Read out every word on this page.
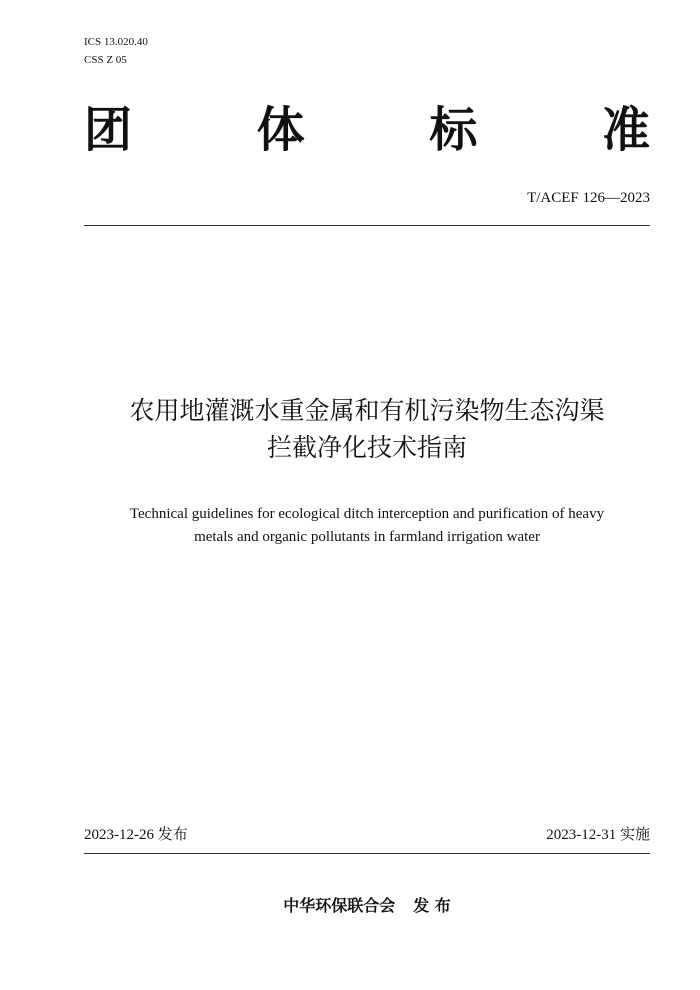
ICS 13.020.40
CSS Z 05
团	体	标	准
T/ACEF 126—2023
农用地灌溉水重金属和有机污染物生态沟渠
拦截净化技术指南
Technical guidelines for ecological ditch interception and purification of heavy
metals and organic pollutants in farmland irrigation water
2023-12-26 发布	2023-12-31 实施
中华环保联合会 发 布
